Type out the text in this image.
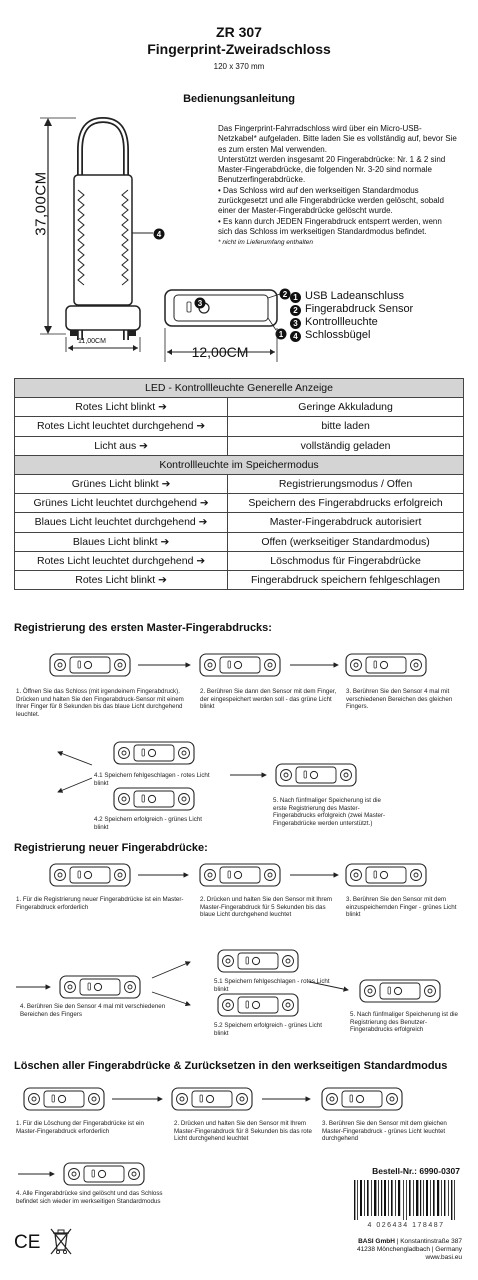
ZR 307
Fingerprint-Zweiradschloss
120 x 370 mm
Bedienungsanleitung
4
37,00CM
11,00CM

Das Fingerprint-Fahrradschloss wird über ein Micro-USB-Netzkabel* aufgeladen. Bitte laden Sie es vollständig auf, bevor Sie es zum ersten Mal verwenden.

Unterstützt werden insgesamt 20 Fingerabdrücke: Nr. 1 & 2 sind Master-Fingerabdrücke, die folgenden Nr. 3-20 sind normale Benutzerfingerabdrücke.

• Das Schloss wird auf den werkseitigen Standardmodus zurückgesetzt und alle Fingerabdrücke werden gelöscht, sobald einer der Master-Fingerabdrücke gelöscht wurde.

• Es kann durch JEDEN Fingerabdruck entsperrt werden, wenn sich das Schloss im werkseitigen Standardmodus befindet.

* nicht im Lieferumfang enthalten

3
2
1
12,00CM
1 USB Ladeanschluss
2 Fingerabdruck Sensor
3 Kontrollleuchte
4 Schlossbügel
LED - Kontrollleuchte Generelle Anzeige	
Rotes Licht blinkt ➔	Geringe Akkuladung
Rotes Licht leuchtet durchgehend ➔	bitte laden
Licht aus ➔	vollständig geladen
Kontrollleuchte im Speichermodus	
Grünes Licht blinkt ➔	Registrierungsmodus / Offen
Grünes Licht leuchtet durchgehend ➔	Speichern des Fingerabdrucks erfolgreich
Blaues Licht leuchtet durchgehend ➔	Master-Fingerabdruck autorisiert
Blaues Licht blinkt ➔	Offen (werkseitiger Standardmodus)
Rotes Licht leuchtet durchgehend ➔	Löschmodus für Fingerabdrücke
Rotes Licht blinkt ➔	Fingerabdruck speichern fehlgeschlagen
Registrierung des ersten Master-Fingerabdrucks:
Registrierung neuer Fingerabdrücke:
Löschen aller Fingerabdrücke & Zurücksetzen in den werkseitigen Standardmodus
1. Öffnen Sie das Schloss (mit irgendeinem Fingerabdruck). Drücken und halten Sie den Fingerabdruck-Sensor mit einem Ihrer Finger für 8 Sekunden bis das blaue Licht durchgehend leuchtet.
2. Berühren Sie dann den Sensor mit dem Finger, der eingespeichert werden soll - das grüne Licht blinkt
3. Berühren Sie den Sensor 4 mal mit verschiedenen Bereichen des gleichen Fingers.
4.1 Speichern fehlgeschlagen - rotes Licht blinkt
4.2 Speichern erfolgreich - grünes Licht blinkt
5. Nach fünfmaliger Speicherung ist die erste Registrierung des Master-Fingerabdrucks erfolgreich (zwei Master-Fingerabdrücke werden unterstützt.)
1. Für die Registrierung neuer Fingerabdrücke ist ein Master-Fingerabdruck erforderlich
2. Drücken und halten Sie den Sensor mit Ihrem Master-Fingerabdruck für 5 Sekunden bis das blaue Licht durchgehend leuchtet
3. Berühren Sie den Sensor mit dem einzuspeichernden Finger - grünes Licht blinkt
4. Berühren Sie den Sensor 4 mal mit verschiedenen Bereichen des Fingers
5.1 Speichern fehlgeschlagen - rotes Licht blinkt
5.2 Speichern erfolgreich - grünes Licht blinkt
5. Nach fünfmaliger Speicherung ist die Registrierung des Benutzer-Fingerabdrucks erfolgreich
1. Für die Löschung der Fingerabdrücke ist ein Master-Fingerabdruck erforderlich
2. Drücken und halten Sie den Sensor mit Ihrem Master-Fingerabdruck für 8 Sekunden bis das rote Licht durchgehend leuchtet
3. Berühren Sie den Sensor mit dem gleichen Master-Fingerabdruck - grünes Licht leuchtet durchgehend
4. Alle Fingerabdrücke sind gelöscht und das Schloss befindet sich wieder im werkseitigen Standardmodus
Bestell-Nr.: 6990-0307
4 026434 178487
BASI GmbH | Konstantinstraße 387
41238 Mönchengladbach | Germany
www.basi.eu
CE
